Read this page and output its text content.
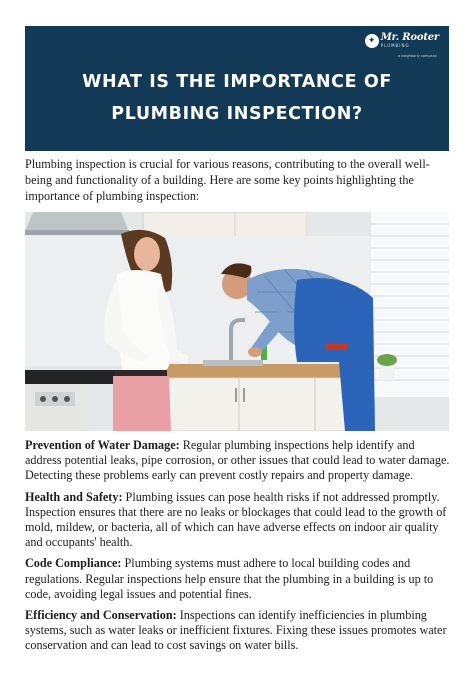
✦ Mr. Rooter
PLUMBING
a neighborly company
WHAT IS THE IMPORTANCE OF PLUMBING INSPECTION?

Plumbing inspection is crucial for various reasons, contributing to the overall well-being and functionality of a building. Here are some key points highlighting the importance of plumbing inspection:

Prevention of Water Damage: Regular plumbing inspections help identify and address potential leaks, pipe corrosion, or other issues that could lead to water damage. Detecting these problems early can prevent costly repairs and property damage.

Health and Safety: Plumbing issues can pose health risks if not addressed promptly. Inspection ensures that there are no leaks or blockages that could lead to the growth of mold, mildew, or bacteria, all of which can have adverse effects on indoor air quality and occupants' health.

Code Compliance: Plumbing systems must adhere to local building codes and regulations. Regular inspections help ensure that the plumbing in a building is up to code, avoiding legal issues and potential fines.

Efficiency and Conservation: Inspections can identify inefficiencies in plumbing systems, such as water leaks or inefficient fixtures. Fixing these issues promotes water conservation and can lead to cost savings on water bills.
